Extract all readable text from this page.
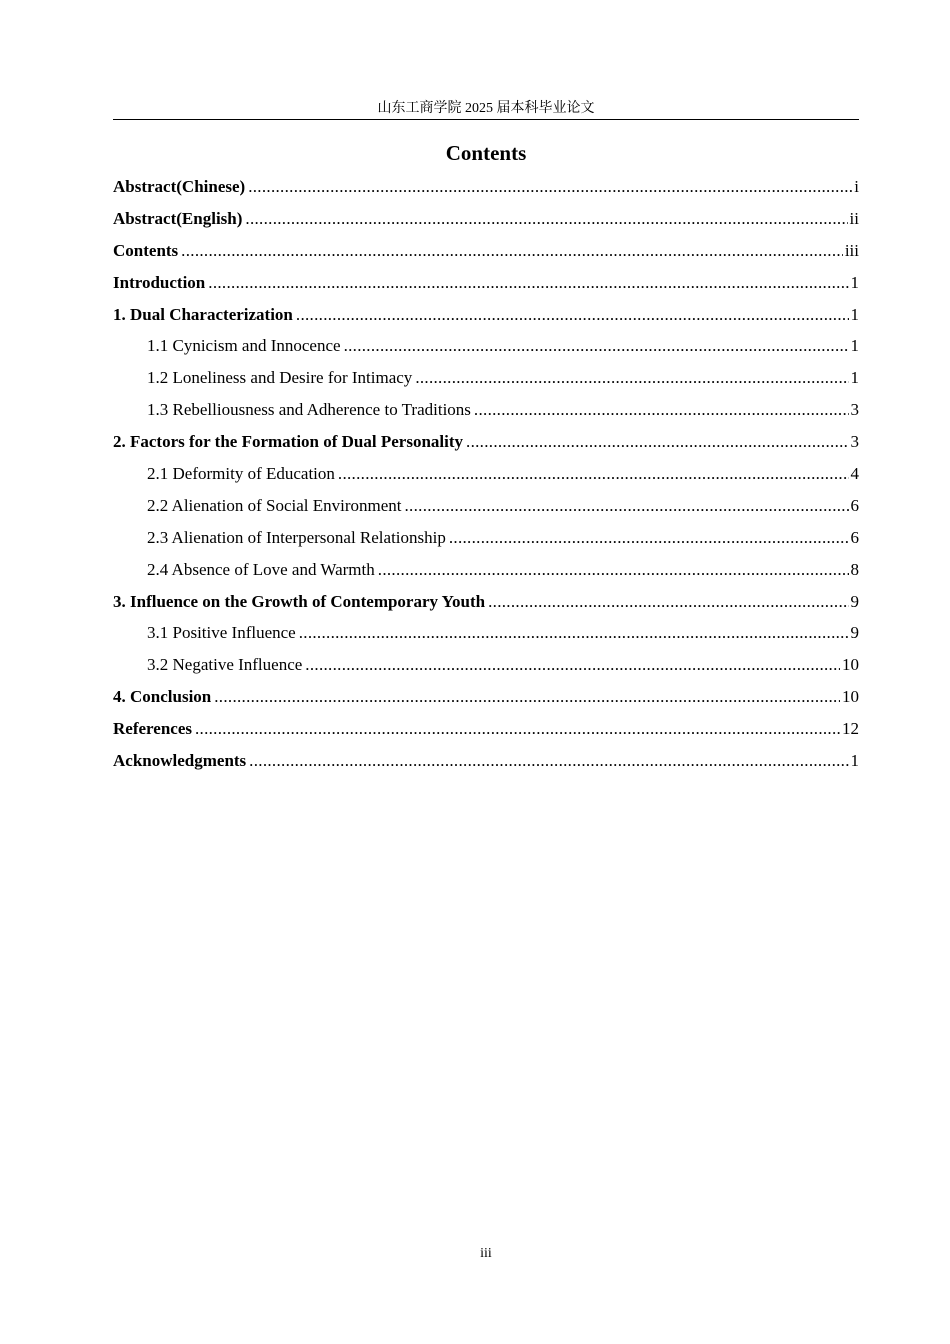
山东工商学院 2025 届本科毕业论文
Contents
Abstract(Chinese) .....	i
Abstract(English) .....	ii
Contents .....	iii
Introduction .....	1
1. Dual Characterization .....	1
1.1 Cynicism and Innocence .....	1
1.2 Loneliness and Desire for Intimacy .....	1
1.3 Rebelliousness and Adherence to Traditions .....	3
2. Factors for the Formation of Dual Personality .....	3
2.1 Deformity of Education .....	4
2.2 Alienation of Social Environment .....	6
2.3 Alienation of Interpersonal Relationship .....	6
2.4 Absence of Love and Warmth .....	8
3. Influence on the Growth of Contemporary Youth .....	9
3.1 Positive Influence .....	9
3.2 Negative Influence .....	10
4. Conclusion .....	10
References .....	12
Acknowledgments .....	1
iii
